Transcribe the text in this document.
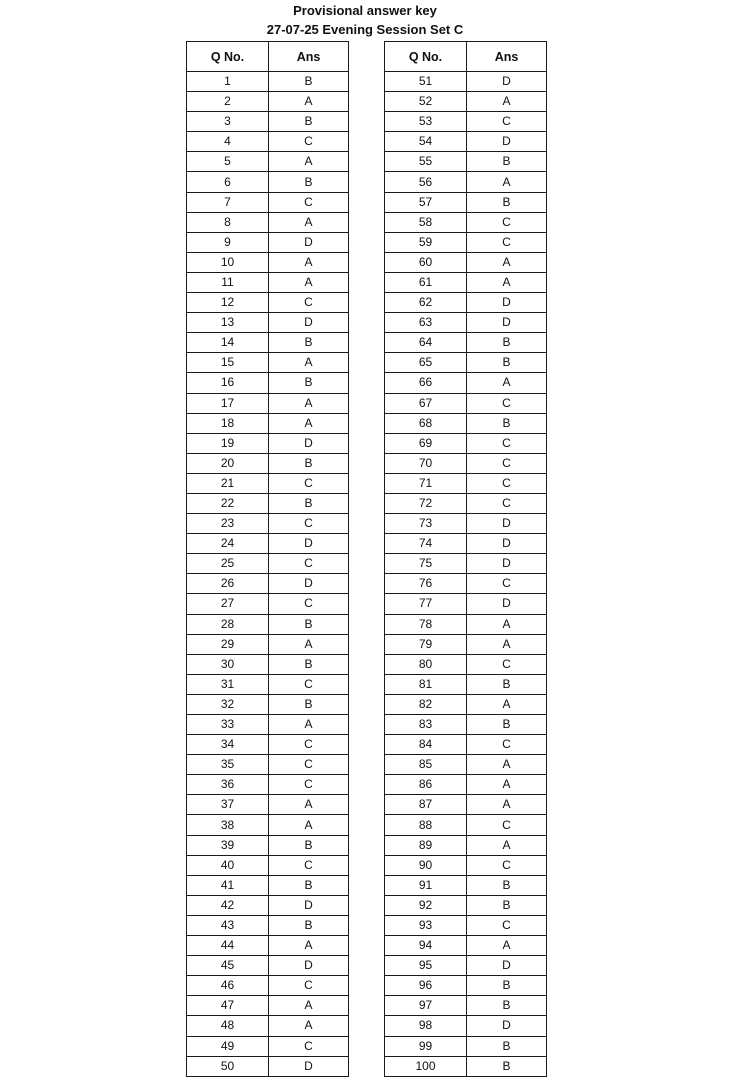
Provisional answer key
27-07-25 Evening Session Set C
Q No.	Ans
1	B
2	A
3	B
4	C
5	A
6	B
7	C
8	A
9	D
10	A
11	A
12	C
13	D
14	B
15	A
16	B
17	A
18	A
19	D
20	B
21	C
22	B
23	C
24	D
25	C
26	D
27	C
28	B
29	A
30	B
31	C
32	B
33	A
34	C
35	C
36	C
37	A
38	A
39	B
40	C
41	B
42	D
43	B
44	A
45	D
46	C
47	A
48	A
49	C
50	D
Q No.	Ans
51	D
52	A
53	C
54	D
55	B
56	A
57	B
58	C
59	C
60	A
61	A
62	D
63	D
64	B
65	B
66	A
67	C
68	B
69	C
70	C
71	C
72	C
73	D
74	D
75	D
76	C
77	D
78	A
79	A
80	C
81	B
82	A
83	B
84	C
85	A
86	A
87	A
88	C
89	A
90	C
91	B
92	B
93	C
94	A
95	D
96	B
97	B
98	D
99	B
100	B
